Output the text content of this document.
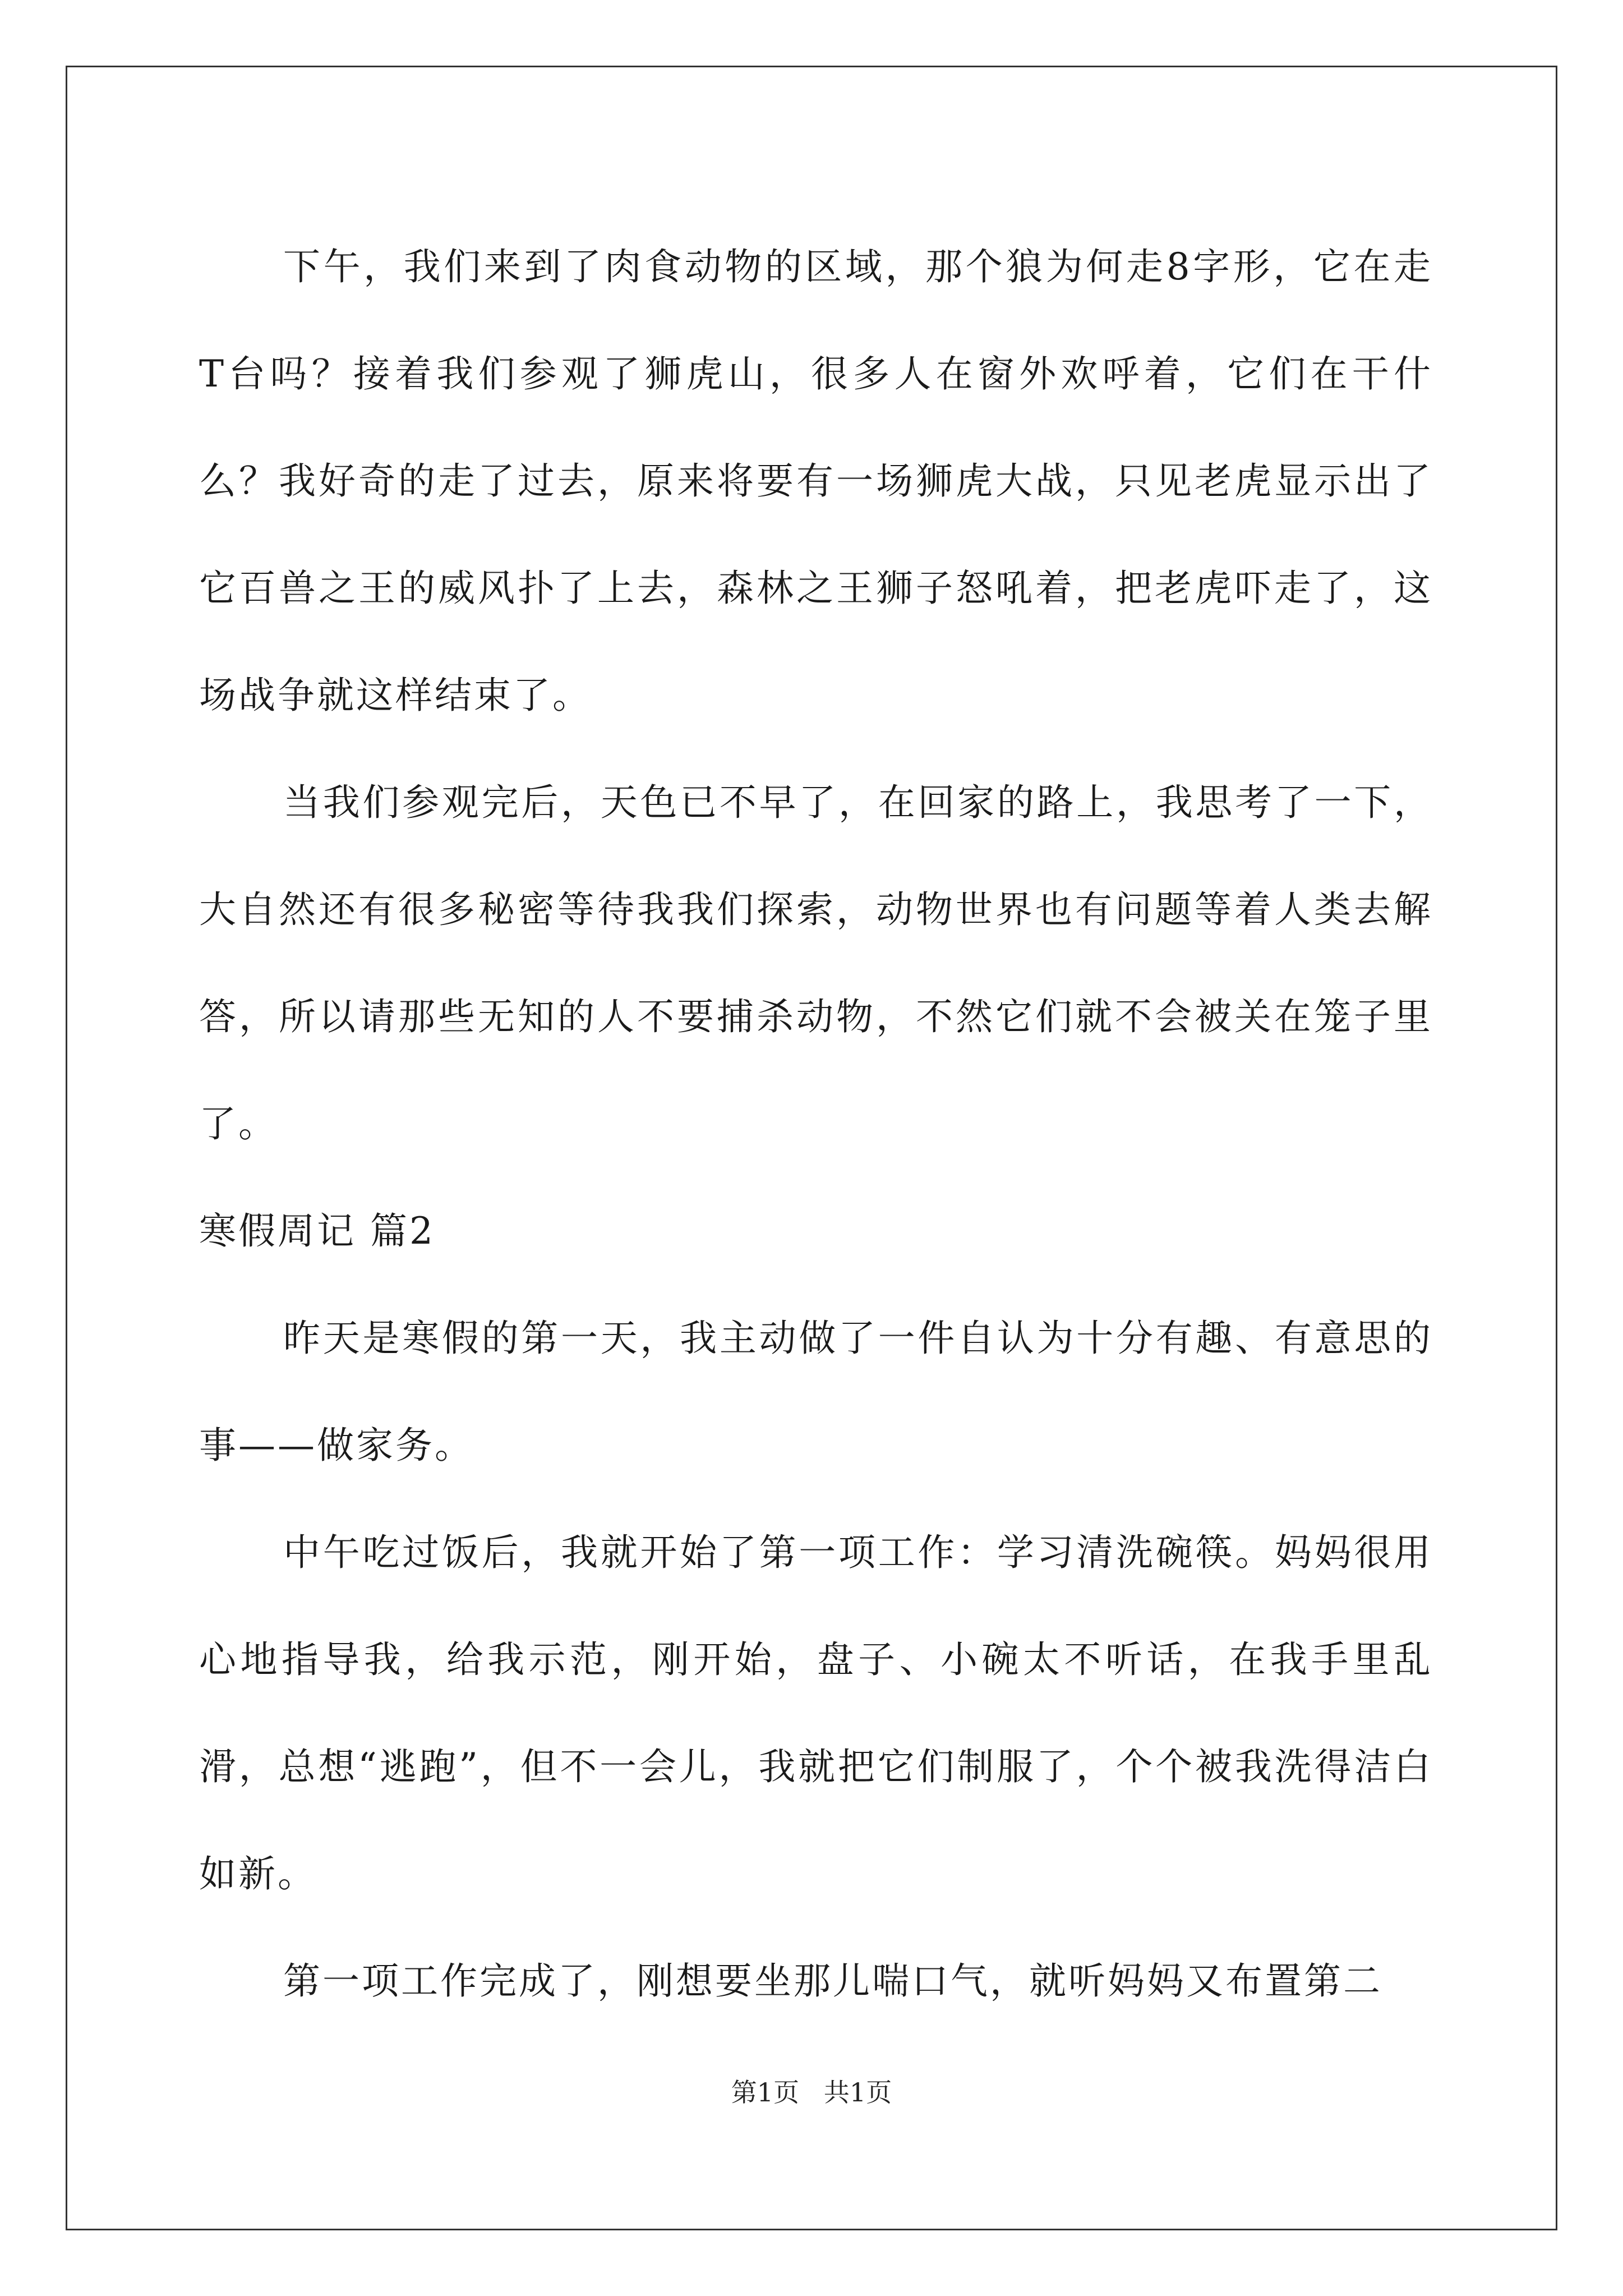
下午，我们来到了肉食动物的区域，那个狼为何走8字形，它在走T台吗？接着我们参观了狮虎山，很多人在窗外欢呼着，它们在干什么？我好奇的走了过去，原来将要有一场狮虎大战，只见老虎显示出了它百兽之王的威风扑了上去，森林之王狮子怒吼着，把老虎吓走了，这场战争就这样结束了。

当我们参观完后，天色已不早了，在回家的路上，我思考了一下，大自然还有很多秘密等待我我们探索，动物世界也有问题等着人类去解答，所以请那些无知的人不要捕杀动物，不然它们就不会被关在笼子里了。

寒假周记 篇2

昨天是寒假的第一天，我主动做了一件自认为十分有趣、有意思的事——做家务。

中午吃过饭后，我就开始了第一项工作：学习清洗碗筷。妈妈很用心地指导我，给我示范，刚开始，盘子、小碗太不听话，在我手里乱滑，总想“逃跑”，但不一会儿，我就把它们制服了，个个被我洗得洁白如新。

第一项工作完成了，刚想要坐那儿喘口气，就听妈妈又布置第二

第1页   共1页
